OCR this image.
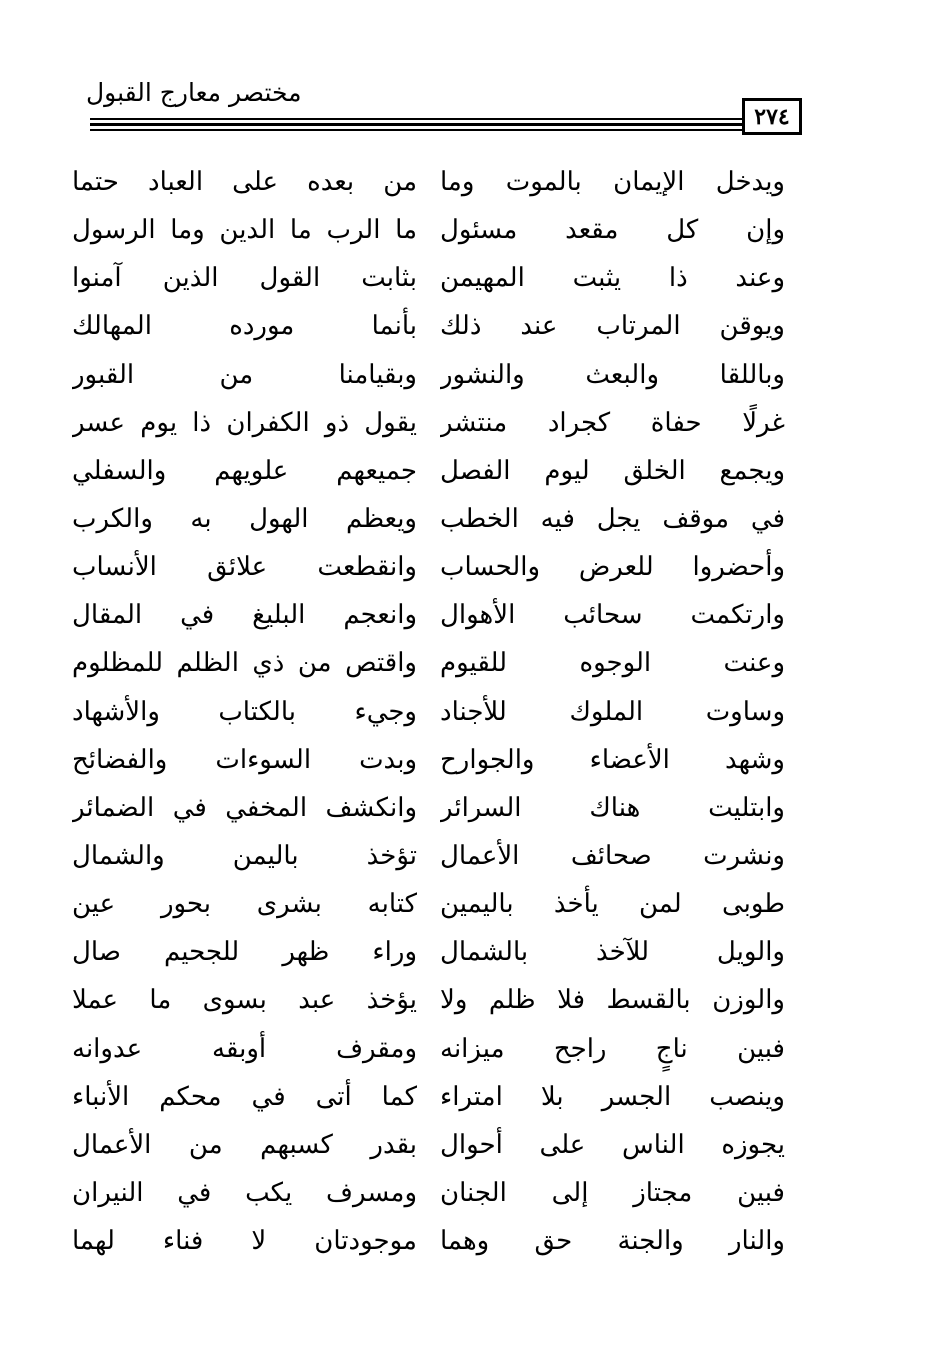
مختصر معارج القبول
٢٧٤
ويدخل الإيمان بالموت وما
وإن كل مقعد مسئول
وعند ذا يثبت المهيمن
ويوقن المرتاب عند ذلك
وباللقا والبعث والنشور
غرلًا حفاة كجراد منتشر
ويجمع الخلق ليوم الفصل
في موقف يجل فيه الخطب
وأحضروا للعرض والحساب
وارتكمت سحائب الأهوال
وعنت الوجوه للقيوم
وساوت الملوك للأجناد
وشهد الأعضاء والجوارح
وابتليت هناك السرائر
ونشرت صحائف الأعمال
طوبى لمن يأخذ باليمين
والويل للآخذ بالشمال
والوزن بالقسط فلا ظلم ولا
فبين ناجٍ راجح ميزانه
وينصب الجسر بلا امتراء
يجوزه الناس على أحوال
فبين مجتاز إلى الجنان
والنار والجنة حق وهما
من بعده على العباد حتما
ما الرب ما الدين وما الرسول
بثابت القول الذين آمنوا
بأنما مورده المهالك
وبقيامنا من القبور
يقول ذو الكفران ذا يوم عسر
جميعهم علويهم والسفلي
ويعظم الهول به والكرب
وانقطعت علائق الأنساب
وانعجم البليغ في المقال
واقتص من ذي الظلم للمظلوم
وجيء بالكتاب والأشهاد
وبدت السوءات والفضائح
وانكشف المخفي في الضمائر
تؤخذ باليمن والشمال
كتابه بشرى بحور عين
وراء ظهر للجحيم صال
يؤخذ عبد بسوى ما عملا
ومقرف أوبقه عدوانه
كما أتى في محكم الأنباء
بقدر كسبهم من الأعمال
ومسرف يكب في النيران
موجودتان لا فناء لهما
